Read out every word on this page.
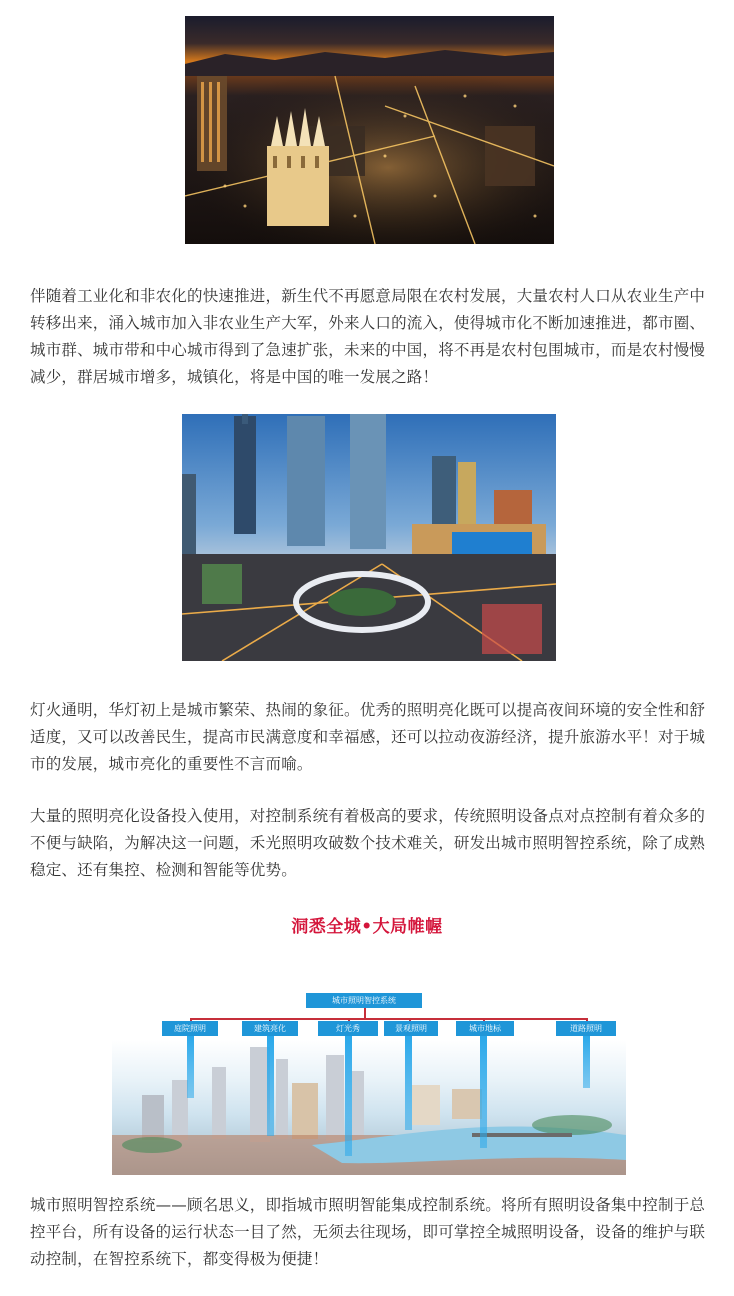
伴随着工业化和非农化的快速推进，新生代不再愿意局限在农村发展，大量农村人口从农业生产中转移出来，涌入城市加入非农业生产大军，外来人口的流入，使得城市化不断加速推进，都市圈、城市群、城市带和中心城市得到了急速扩张，未来的中国，将不再是农村包围城市，而是农村慢慢减少，群居城市增多，城镇化，将是中国的唯一发展之路！

灯火通明，华灯初上是城市繁荣、热闹的象征。优秀的照明亮化既可以提高夜间环境的安全性和舒适度，又可以改善民生，提高市民满意度和幸福感，还可以拉动夜游经济，提升旅游水平！对于城市的发展，城市亮化的重要性不言而喻。

大量的照明亮化设备投入使用，对控制系统有着极高的要求，传统照明设备点对点控制有着众多的不便与缺陷，为解决这一问题，禾光照明攻破数个技术难关，研发出城市照明智控系统，除了成熟稳定、还有集控、检测和智能等优势。

洞悉全城•大局帷幄
城市照明智控系统
庭院照明	建筑亮化	灯光秀	景观照明	城市地标	道路照明

城市照明智控系统——顾名思义，即指城市照明智能集成控制系统。将所有照明设备集中控制于总控平台，所有设备的运行状态一目了然，无须去往现场，即可掌控全城照明设备，设备的维护与联动控制，在智控系统下，都变得极为便捷！
